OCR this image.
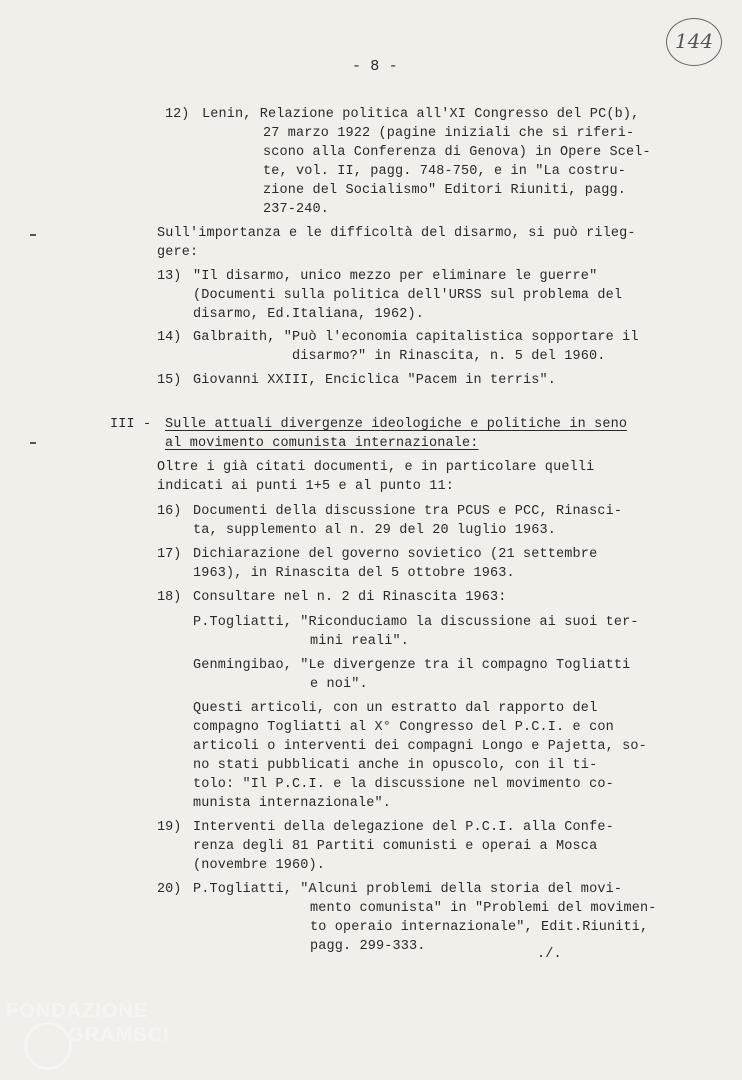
144
- 8 -
12) Lenin, Relazione politica all'XI Congresso del PC(b),
27 marzo 1922 (pagine iniziali che si riferi-
scono alla Conferenza di Genova) in Opere Scel-
te, vol. II, pagg. 748-750, e in "La costru-
zione del Socialismo" Editori Riuniti, pagg.
237-240.
Sull'importanza e le difficoltà del disarmo, si può rileg-
gere:
13) "Il disarmo, unico mezzo per eliminare le guerre"
(Documenti sulla politica dell'URSS sul problema del
disarmo, Ed.Italiana, 1962).
14) Galbraith, "Può l'economia capitalistica sopportare il
disarmo?" in Rinascita, n. 5 del 1960.
15) Giovanni XXIII, Enciclica "Pacem in terris".
III - Sulle attuali divergenze ideologiche e politiche in seno
al movimento comunista internazionale:
Oltre i già citati documenti, e in particolare quelli
indicati ai punti 1+5 e al punto 11:
16) Documenti della discussione tra PCUS e PCC, Rinasci-
ta, supplemento al n. 29 del 20 luglio 1963.
17) Dichiarazione del governo sovietico (21 settembre
1963), in Rinascita del 5 ottobre 1963.
18) Consultare nel n. 2 di Rinascita 1963:
P.Togliatti, "Riconduciamo la discussione ai suoi ter-
mini reali".
Genmingibao, "Le divergenze tra il compagno Togliatti
e noi".
Questi articoli, con un estratto dal rapporto del
compagno Togliatti al X° Congresso del P.C.I. e con
articoli o interventi dei compagni Longo e Pajetta, so-
no stati pubblicati anche in opuscolo, con il ti-
tolo: "Il P.C.I. e la discussione nel movimento co-
munista internazionale".
19) Interventi della delegazione del P.C.I. alla Confe-
renza degli 81 Partiti comunisti e operai a Mosca
(novembre 1960).
20) P.Togliatti, "Alcuni problemi della storia del movi-
mento comunista" in "Problemi del movimen-
to operaio internazionale", Edit.Riuniti,
pagg. 299-333.
./.
FONDAZIONE
GRAMSCI
